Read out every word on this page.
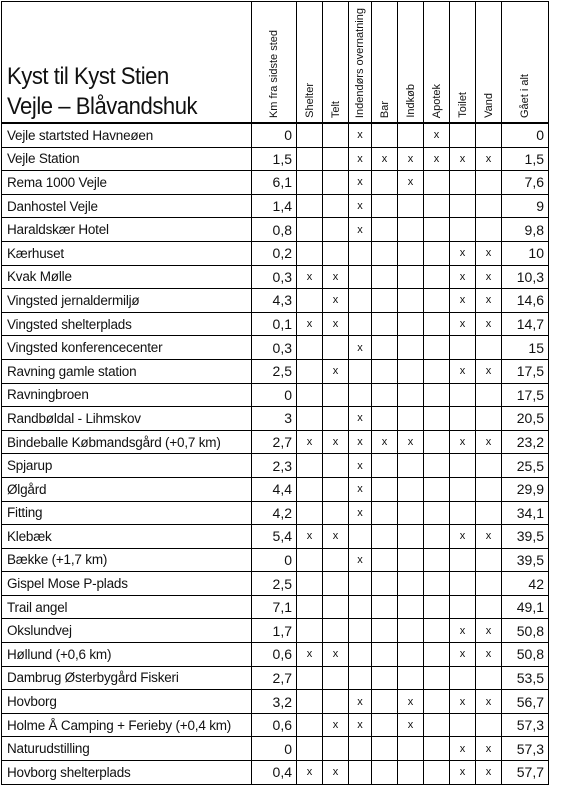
Kyst til Kyst Stien
Vejle – Blåvandshuk	Km fra sidste sted	Shelter	Telt	Indendørs overnatning	Bar	Indkøb	Apotek	Toilet	Vand	Gået i alt

Vejle startsted Havneøen	0			x			x			0
Vejle Station	1,5			x	x	x	x	x	x	1,5
Rema 1000 Vejle	6,1			x		x				7,6
Danhostel Vejle	1,4			x						9
Haraldskær Hotel	0,8			x						9,8
Kærhuset	0,2							x	x	10
Kvak Mølle	0,3	x	x					x	x	10,3
Vingsted jernaldermiljø	4,3		x					x	x	14,6
Vingsted shelterplads	0,1	x	x					x	x	14,7
Vingsted konferencecenter	0,3			x						15
Ravning gamle station	2,5		x					x	x	17,5
Ravningbroen	0									17,5
Randbøldal - Lihmskov	3			x						20,5
Bindeballe Købmandsgård (+0,7 km)	2,7	x	x	x	x	x		x	x	23,2
Spjarup	2,3			x						25,5
Ølgård	4,4			x						29,9
Fitting	4,2			x						34,1
Klebæk	5,4	x	x					x	x	39,5
Bække (+1,7 km)	0			x						39,5
Gispel Mose P-plads	2,5									42
Trail angel	7,1									49,1
Okslundvej	1,7							x	x	50,8
Høllund (+0,6 km)	0,6	x	x					x	x	50,8
Dambrug Østerbygård Fiskeri	2,7									53,5
Hovborg	3,2			x		x		x	x	56,7
Holme Å Camping + Ferieby (+0,4 km)	0,6		x	x		x				57,3
Naturudstilling	0							x	x	57,3
Hovborg shelterplads	0,4	x	x					x	x	57,7
